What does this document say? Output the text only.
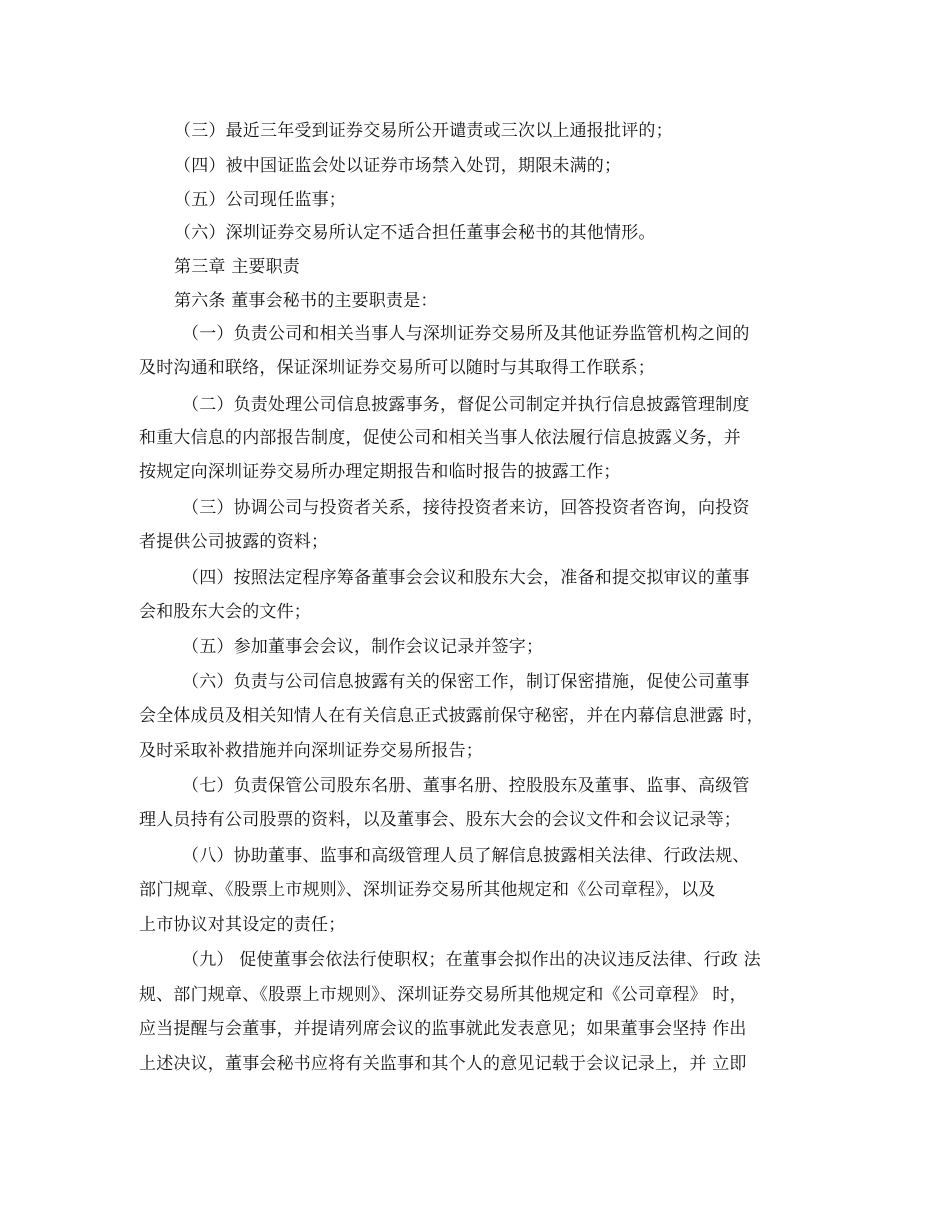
（三）最近三年受到证券交易所公开谴责或三次以上通报批评的；
（四）被中国证监会处以证券市场禁入处罚，期限未满的；
（五）公司现任监事；
（六）深圳证券交易所认定不适合担任董事会秘书的其他情形。
第三章 主要职责
第六条 董事会秘书的主要职责是：
（一）负责公司和相关当事人与深圳证券交易所及其他证券监管机构之间的
及时沟通和联络，保证深圳证券交易所可以随时与其取得工作联系；
（二）负责处理公司信息披露事务，督促公司制定并执行信息披露管理制度
和重大信息的内部报告制度，促使公司和相关当事人依法履行信息披露义务，并
按规定向深圳证券交易所办理定期报告和临时报告的披露工作；
（三）协调公司与投资者关系，接待投资者来访，回答投资者咨询，向投资
者提供公司披露的资料；
（四）按照法定程序筹备董事会会议和股东大会，准备和提交拟审议的董事
会和股东大会的文件；
（五）参加董事会会议，制作会议记录并签字；
（六）负责与公司信息披露有关的保密工作，制订保密措施，促使公司董事
会全体成员及相关知情人在有关信息正式披露前保守秘密，并在内幕信息泄露 时，
及时采取补救措施并向深圳证券交易所报告；
（七）负责保管公司股东名册、董事名册、控股股东及董事、监事、高级管
理人员持有公司股票的资料，以及董事会、股东大会的会议文件和会议记录等；
（八）协助董事、监事和高级管理人员了解信息披露相关法律、行政法规、
部门规章、《股票上市规则》、深圳证券交易所其他规定和《公司章程》，以及
上市协议对其设定的责任；
（九） 促使董事会依法行使职权；在董事会拟作出的决议违反法律、行政 法
规、部门规章、《股票上市规则》、深圳证券交易所其他规定和《公司章程》 时，
应当提醒与会董事，并提请列席会议的监事就此发表意见；如果董事会坚持 作出
上述决议，董事会秘书应将有关监事和其个人的意见记载于会议记录上，并 立即
